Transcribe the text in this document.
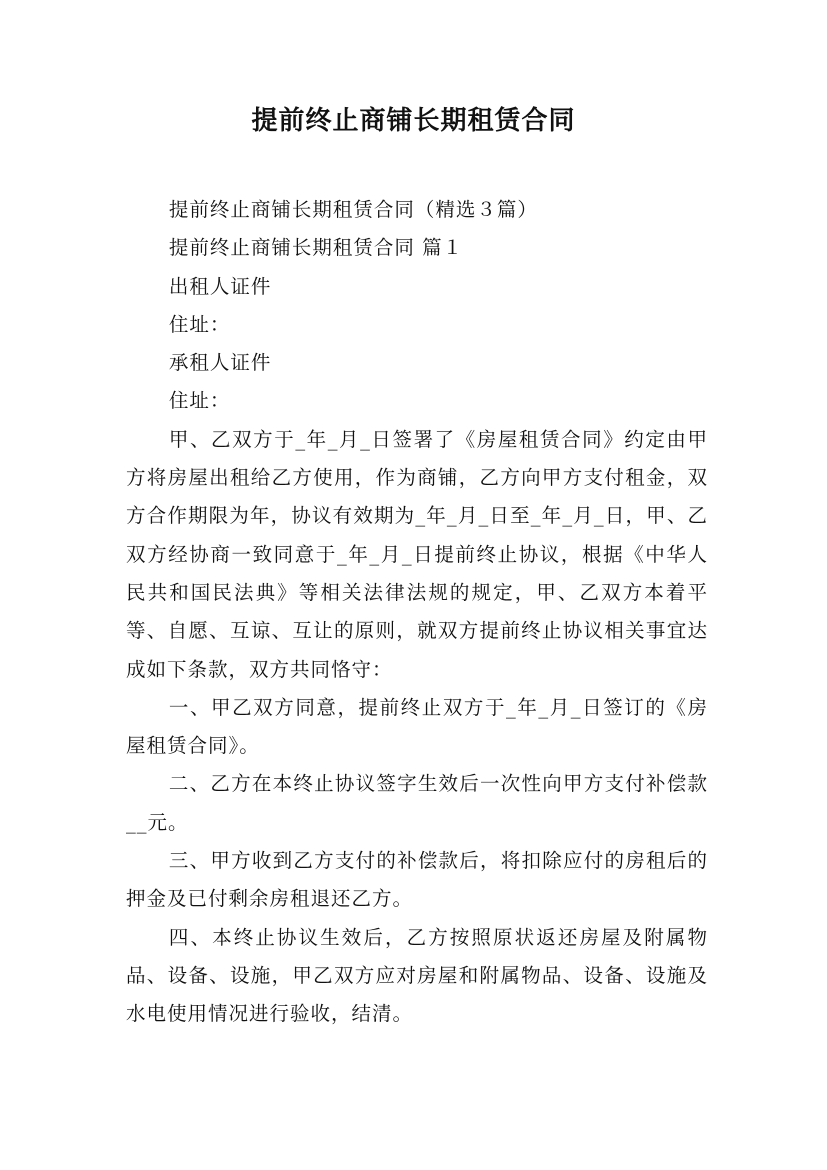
提前终止商铺长期租赁合同

提前终止商铺长期租赁合同（精选３篇）

提前终止商铺长期租赁合同 篇１

出租人证件

住址：

承租人证件

住址：

甲、乙双方于_年_月_日签署了《房屋租赁合同》约定由甲方将房屋出租给乙方使用，作为商铺，乙方向甲方支付租金，双方合作期限为年，协议有效期为_年_月_日至_年_月_日，甲、乙双方经协商一致同意于_年_月_日提前终止协议，根据《中华人民共和国民法典》等相关法律法规的规定，甲、乙双方本着平等、自愿、互谅、互让的原则，就双方提前终止协议相关事宜达成如下条款，双方共同恪守：

一、甲乙双方同意，提前终止双方于_年_月_日签订的《房屋租赁合同》。

二、乙方在本终止协议签字生效后一次性向甲方支付补偿款__元。

三、甲方收到乙方支付的补偿款后，将扣除应付的房租后的押金及已付剩余房租退还乙方。

四、本终止协议生效后，乙方按照原状返还房屋及附属物品、设备、设施，甲乙双方应对房屋和附属物品、设备、设施及水电使用情况进行验收，结清。
